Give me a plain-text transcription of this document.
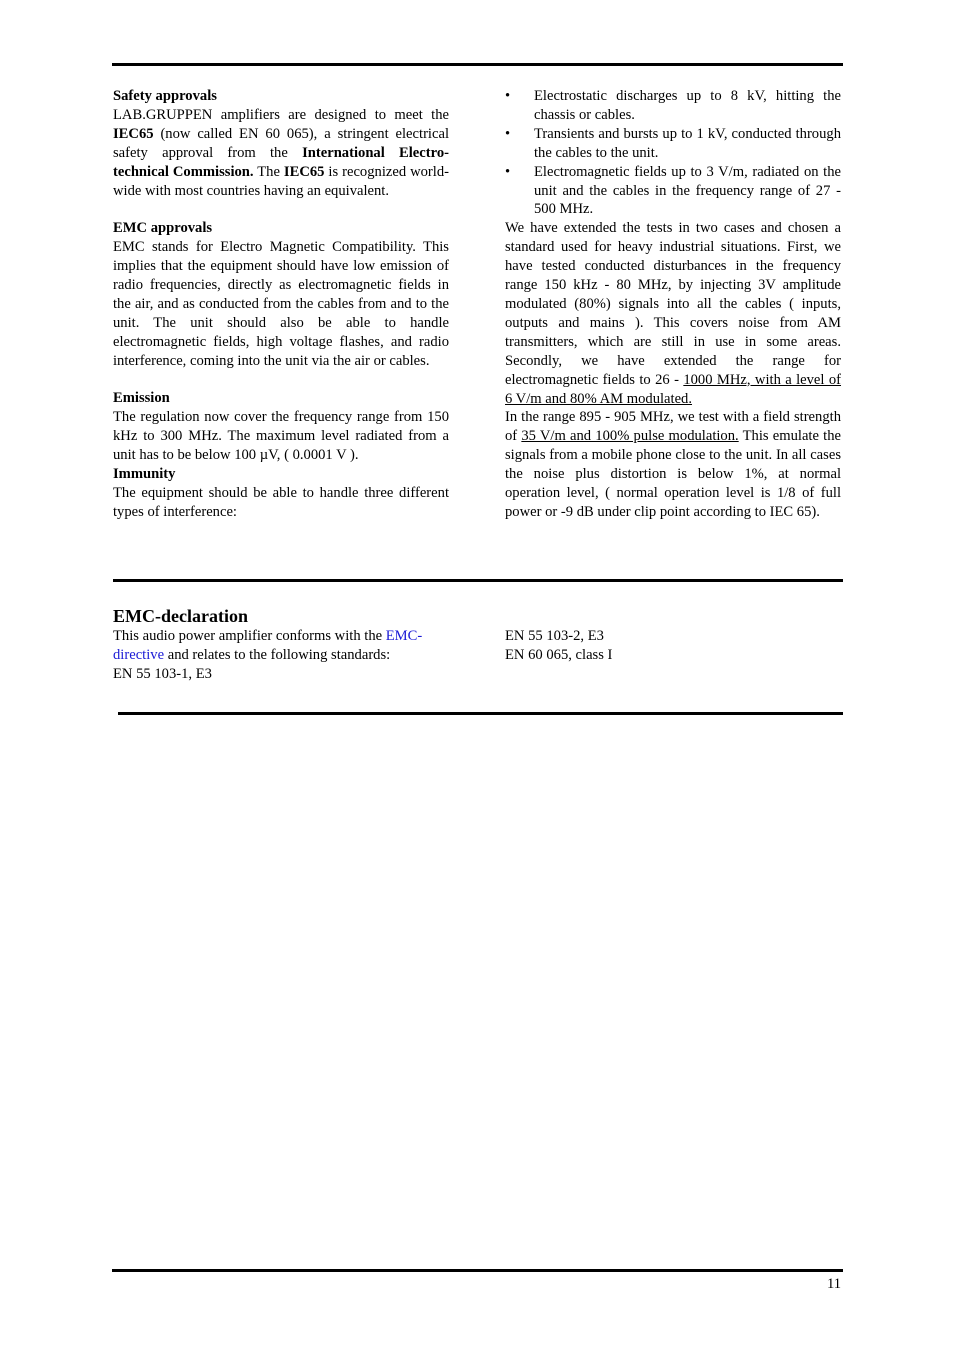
Safety approvals

LAB.GRUPPEN amplifiers are designed to meet the IEC65 (now called EN 60 065), a stringent electrical safety approval from the International Electro-technical Commission. The IEC65 is recognized world-wide with most countries having an equivalent.

EMC approvals

EMC stands for Electro Magnetic Compatibility. This implies that the equipment should have low emission of radio frequencies, directly as electromagnetic fields in the air, and as conducted from the cables from and to the unit. The unit should also be able to handle electromagnetic fields, high voltage flashes, and radio interference, coming into the unit via the air or cables.

Emission

The regulation now cover the frequency range from 150 kHz to 300 MHz. The maximum level radiated from a unit has to be below 100 µV, ( 0.0001 V ).

Immunity

The equipment should be able to handle three different types of interference:

• Electrostatic discharges up to 8 kV, hitting the chassis or cables.
• Transients and bursts up to 1 kV, conducted through the cables to the unit.
• Electromagnetic fields up to 3 V/m, radiated on the unit and the cables in the frequency range of 27 - 500 MHz.

We have extended the tests in two cases and chosen a standard used for heavy industrial situations. First, we have tested conducted disturbances in the frequency range 150 kHz - 80 MHz, by injecting 3V amplitude modulated (80%) signals into all the cables ( inputs, outputs and mains ). This covers noise from AM transmitters, which are still in use in some areas. Secondly, we have extended the range for electromagnetic fields to 26 - 1000 MHz, with a level of 6 V/m and 80% AM modulated.

In the range 895 - 905 MHz, we test with a field strength of 35 V/m and 100% pulse modulation. This emulate the signals from a mobile phone close to the unit. In all cases the noise plus distortion is below 1%, at normal operation level, ( normal operation level is 1/8 of full power or -9 dB under clip point according to IEC 65).

EMC-declaration

This audio power amplifier conforms with the EMC-directive and relates to the following standards:

EN 55 103-1, E3

EN 55 103-2, E3

EN 60 065, class I

11
